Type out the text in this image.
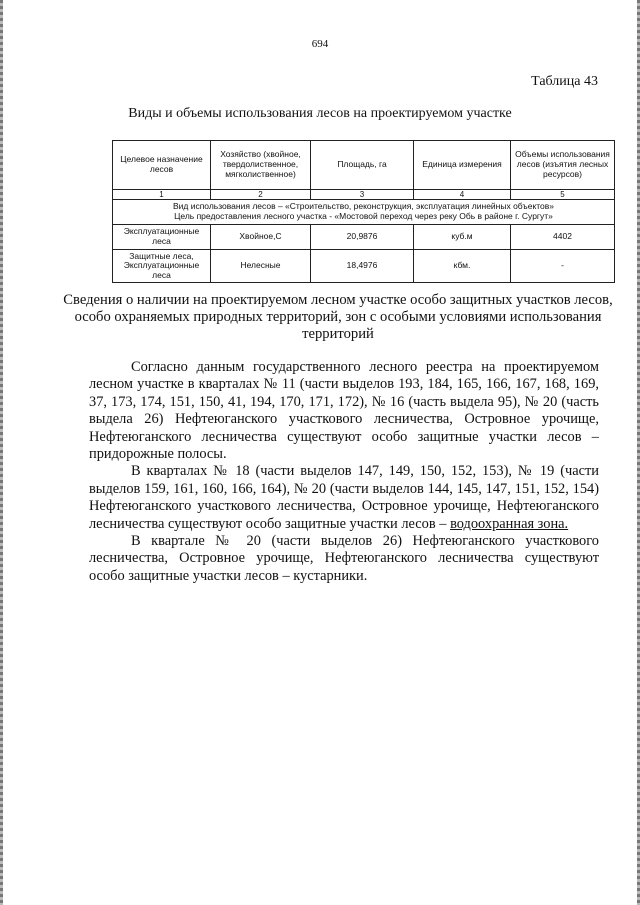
694
Таблица 43
Виды и объемы использования лесов на проектируемом участке
Целевое назначение лесов	Хозяйство (хвойное, твердолиственное, мягколиственное)	Площадь, га	Единица измерения	Объемы использования лесов (изъятия лесных ресурсов)
1	2	3	4	5

Вид использования лесов – «Строительство, реконструкция, эксплуатация линейных объектов»
Цель предоставления лесного участка - «Мостовой переход через реку Обь в районе г. Сургут»				

Эксплуатационные леса	Хвойное,С	20,9876	куб.м	4402
Защитные леса, Эксплуатационные леса	Нелесные	18,4976	кбм.	-
Сведения о наличии на проектируемом лесном участке особо защитных участков лесов, особо охраняемых природных территорий, зон с особыми условиями использования территорий

Согласно данным государственного лесного реестра на проектируемом лесном участке в кварталах № 11 (части выделов 193, 184, 165, 166, 167, 168, 169, 37, 173, 174, 151, 150, 41, 194, 170, 171, 172), № 16 (часть выдела 95), № 20 (часть выдела 26) Нефтеюганского участкового лесничества, Островное урочище, Нефтеюганского лесничества существуют особо защитные участки лесов – придорожные полосы.

В кварталах № 18 (части выделов 147, 149, 150, 152, 153), № 19 (части выделов 159, 161, 160, 166, 164), № 20 (части выделов 144, 145, 147, 151, 152, 154) Нефтеюганского участкового лесничества, Островное урочище, Нефтеюганского лесничества существуют особо защитные участки лесов – водоохранная зона.

В квартале № 20 (части выделов 26) Нефтеюганского участкового лесничества, Островное урочище, Нефтеюганского лесничества существуют особо защитные участки лесов – кустарники.
